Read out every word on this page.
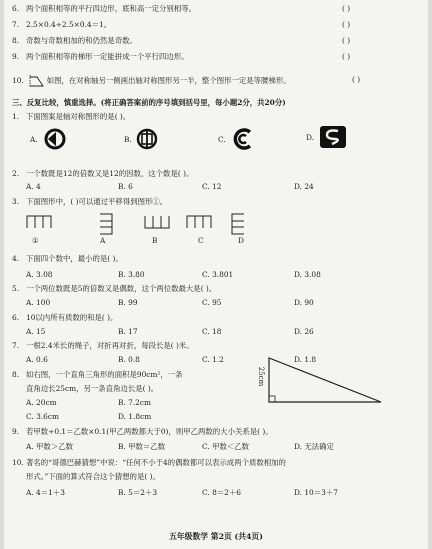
6. 两个面积相等的平行四边形，底和高一定分别相等。	( )
7. 2.5×0.4÷2.5×0.4＝1。	( )
8. 奇数与奇数相加的和仍然是奇数。	( )
9. 两个面积相等的梯形一定能拼成一个平行四边形。	( )
10.	如图，在对称轴另一侧画出轴对称图形另一半，整个图形一定是等腰梯形。	( )
三、反复比较，慎重选择。(将正确答案前的序号填到括号里，每小题2分，共20分)
1. 下面图案是轴对称图形的是( )。
A.	B.	C.	D.
2. 一个数既是12的倍数又是12的因数，这个数是( )。
A. 4	B. 6	C. 12	D. 24
3. 下面图形中，( )可以通过平移得到图形①。
①	A	B	C	D
4. 下面四个数中，最小的是( )。
A. 3.08	B. 3.80	C. 3.801	D. 3.08
5. 一个两位数既是5的倍数又是偶数，这个两位数最大是( )。
A. 100	B. 99	C. 95	D. 90
6. 10以内所有质数的和是( )。
A. 15	B. 17	C. 18	D. 26
7. 一根2.4米长的绳子，对折再对折，每段长是( )米。
A. 0.6	B. 0.8	C. 1.2	D. 1.8
8. 如右图，一个直角三角形的面积是90cm²，一条
直角边长25cm，另一条直角边长是( )。
A. 20cm	B. 7.2cm
C. 3.6cm	D. 1.8cm
25cm
9. 若甲数÷0.1＝乙数×0.1(甲乙两数都大于0)，则甲乙两数的大小关系是( )。
A. 甲数＞乙数	B. 甲数＝乙数	C. 甲数＜乙数	D. 无法确定
10. 著名的“哥德巴赫猜想”中说：“任何不小于4的偶数都可以表示成两个质数相加的
形式。”下面的算式符合这个猜想的是( )。
A. 4＝1＋3	B. 5＝2＋3	C. 8＝2＋6	D. 10＝3＋7
五年级数学 第2页 (共4页)
